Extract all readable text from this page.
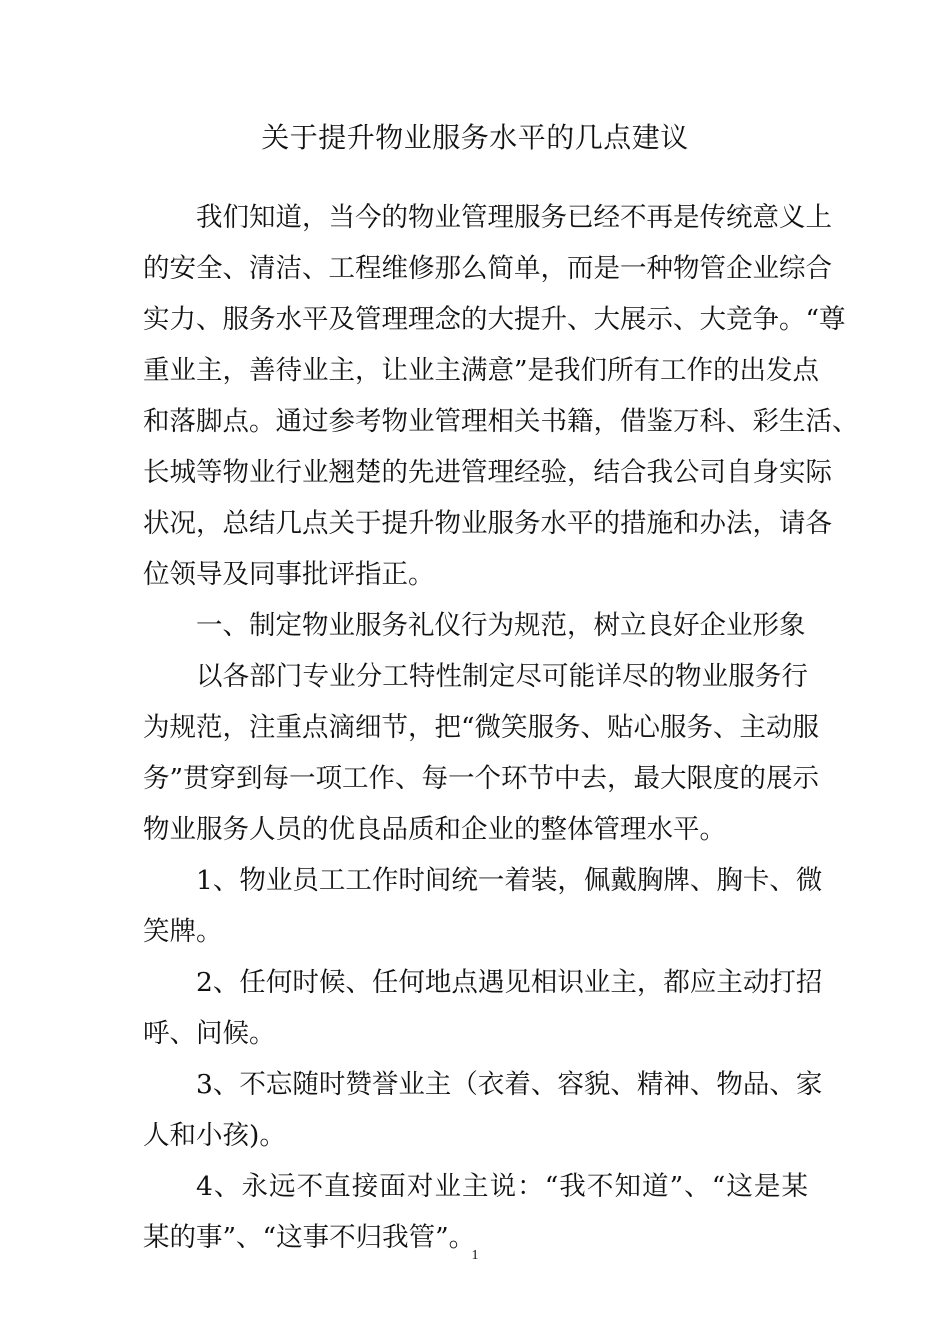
关于提升物业服务水平的几点建议

我们知道，当今的物业管理服务已经不再是传统意义上

的安全、清洁、工程维修那么简单，而是一种物管企业综合

实力、服务水平及管理理念的大提升、大展示、大竞争。“尊

重业主，善待业主，让业主满意”是我们所有工作的出发点

和落脚点。通过参考物业管理相关书籍，借鉴万科、彩生活、

长城等物业行业翘楚的先进管理经验，结合我公司自身实际

状况，总结几点关于提升物业服务水平的措施和办法，请各

位领导及同事批评指正。

一、制定物业服务礼仪行为规范，树立良好企业形象

以各部门专业分工特性制定尽可能详尽的物业服务行

为规范，注重点滴细节，把“微笑服务、贴心服务、主动服

务”贯穿到每一项工作、每一个环节中去，最大限度的展示

物业服务人员的优良品质和企业的整体管理水平。

1、物业员工工作时间统一着装，佩戴胸牌、胸卡、微

笑牌。

2、任何时候、任何地点遇见相识业主，都应主动打招

呼、问候。

3、不忘随时赞誉业主（衣着、容貌、精神、物品、家

人和小孩)。

4、永远不直接面对业主说：“我不知道”、“这是某

某的事”、“这事不归我管”。

1
